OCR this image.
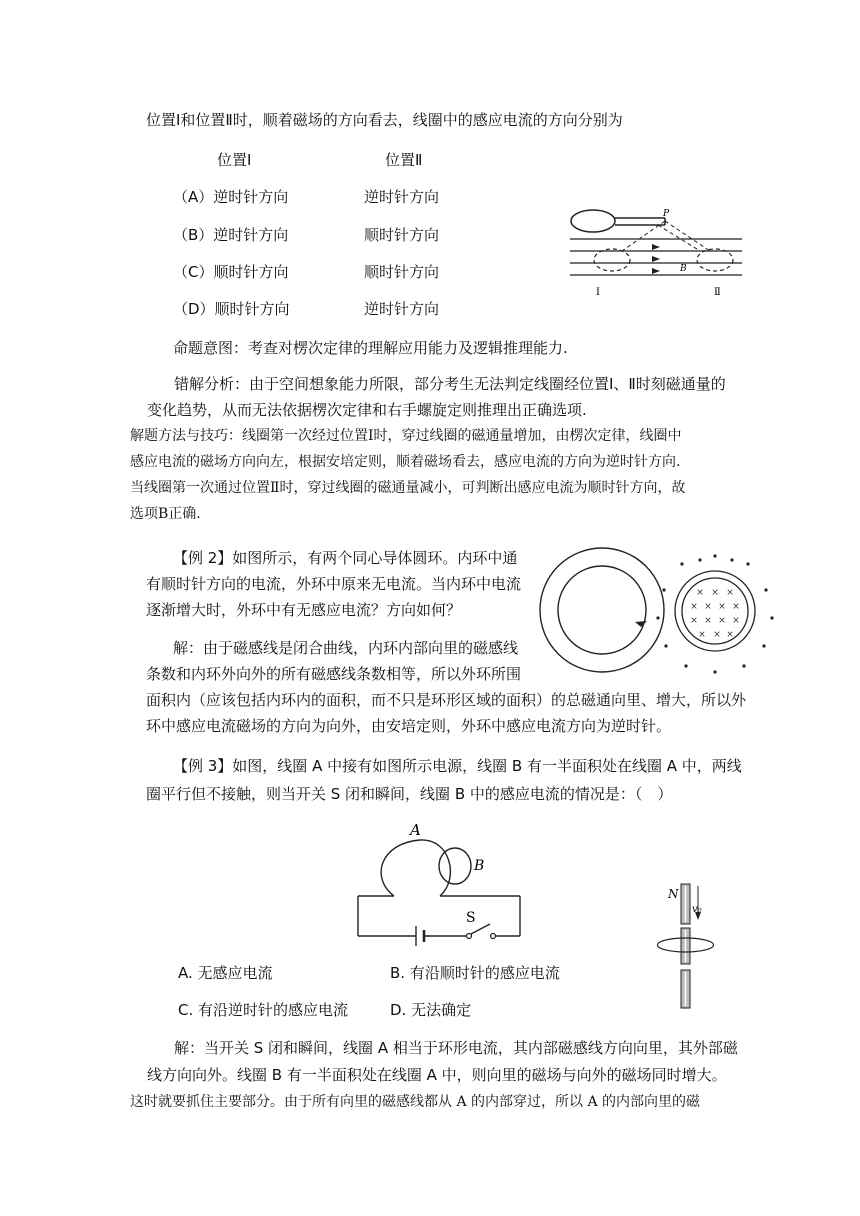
位置Ⅰ和位置Ⅱ时，顺着磁场的方向看去，线圈中的感应电流的方向分别为
位置Ⅰ	位置Ⅱ
（A）逆时针方向	逆时针方向
（B）逆时针方向	顺时针方向
（C）顺时针方向	顺时针方向
（D）顺时针方向	逆时针方向
P
B
Ⅰ	Ⅱ
命题意图：考查对楞次定律的理解应用能力及逻辑推理能力.
错解分析：由于空间想象能力所限，部分考生无法判定线圈经位置Ⅰ、Ⅱ时刻磁通量的
变化趋势，从而无法依据楞次定律和右手螺旋定则推理出正确选项.
解题方法与技巧：线圈第一次经过位置Ⅰ时，穿过线圈的磁通量增加，由楞次定律，线圈中
感应电流的磁场方向向左，根据安培定则，顺着磁场看去，感应电流的方向为逆时针方向.
当线圈第一次通过位置Ⅱ时，穿过线圈的磁通量减小，可判断出感应电流为顺时针方向，故
选项B正确.
【例 2】如图所示，有两个同心导体圆环。内环中通
有顺时针方向的电流，外环中原来无电流。当内环中电流
逐渐增大时，外环中有无感应电流？方向如何？
解：由于磁感线是闭合曲线，内环内部向里的磁感线
条数和内环外向外的所有磁感线条数相等，所以外环所围
面积内（应该包括内环内的面积，而不只是环形区域的面积）的总磁通向里、增大，所以外
环中感应电流磁场的方向为向外，由安培定则，外环中感应电流方向为逆时针。
× × ×
× × × ×
× × × ×
× × ×
【例 3】如图，线圈 A 中接有如图所示电源，线圈 B 有一半面积处在线圈 A 中，两线
圈平行但不接触，则当开关 S 闭和瞬间，线圈 B 中的感应电流的情况是：（　）
A
B
S
N
v₀
A. 无感应电流	B. 有沿顺时针的感应电流
C. 有沿逆时针的感应电流	D. 无法确定
解：当开关 S 闭和瞬间，线圈 A 相当于环形电流，其内部磁感线方向向里，其外部磁
线方向向外。线圈 B 有一半面积处在线圈 A 中，则向里的磁场与向外的磁场同时增大。
这时就要抓住主要部分。由于所有向里的磁感线都从 A 的内部穿过，所以 A 的内部向里的磁
